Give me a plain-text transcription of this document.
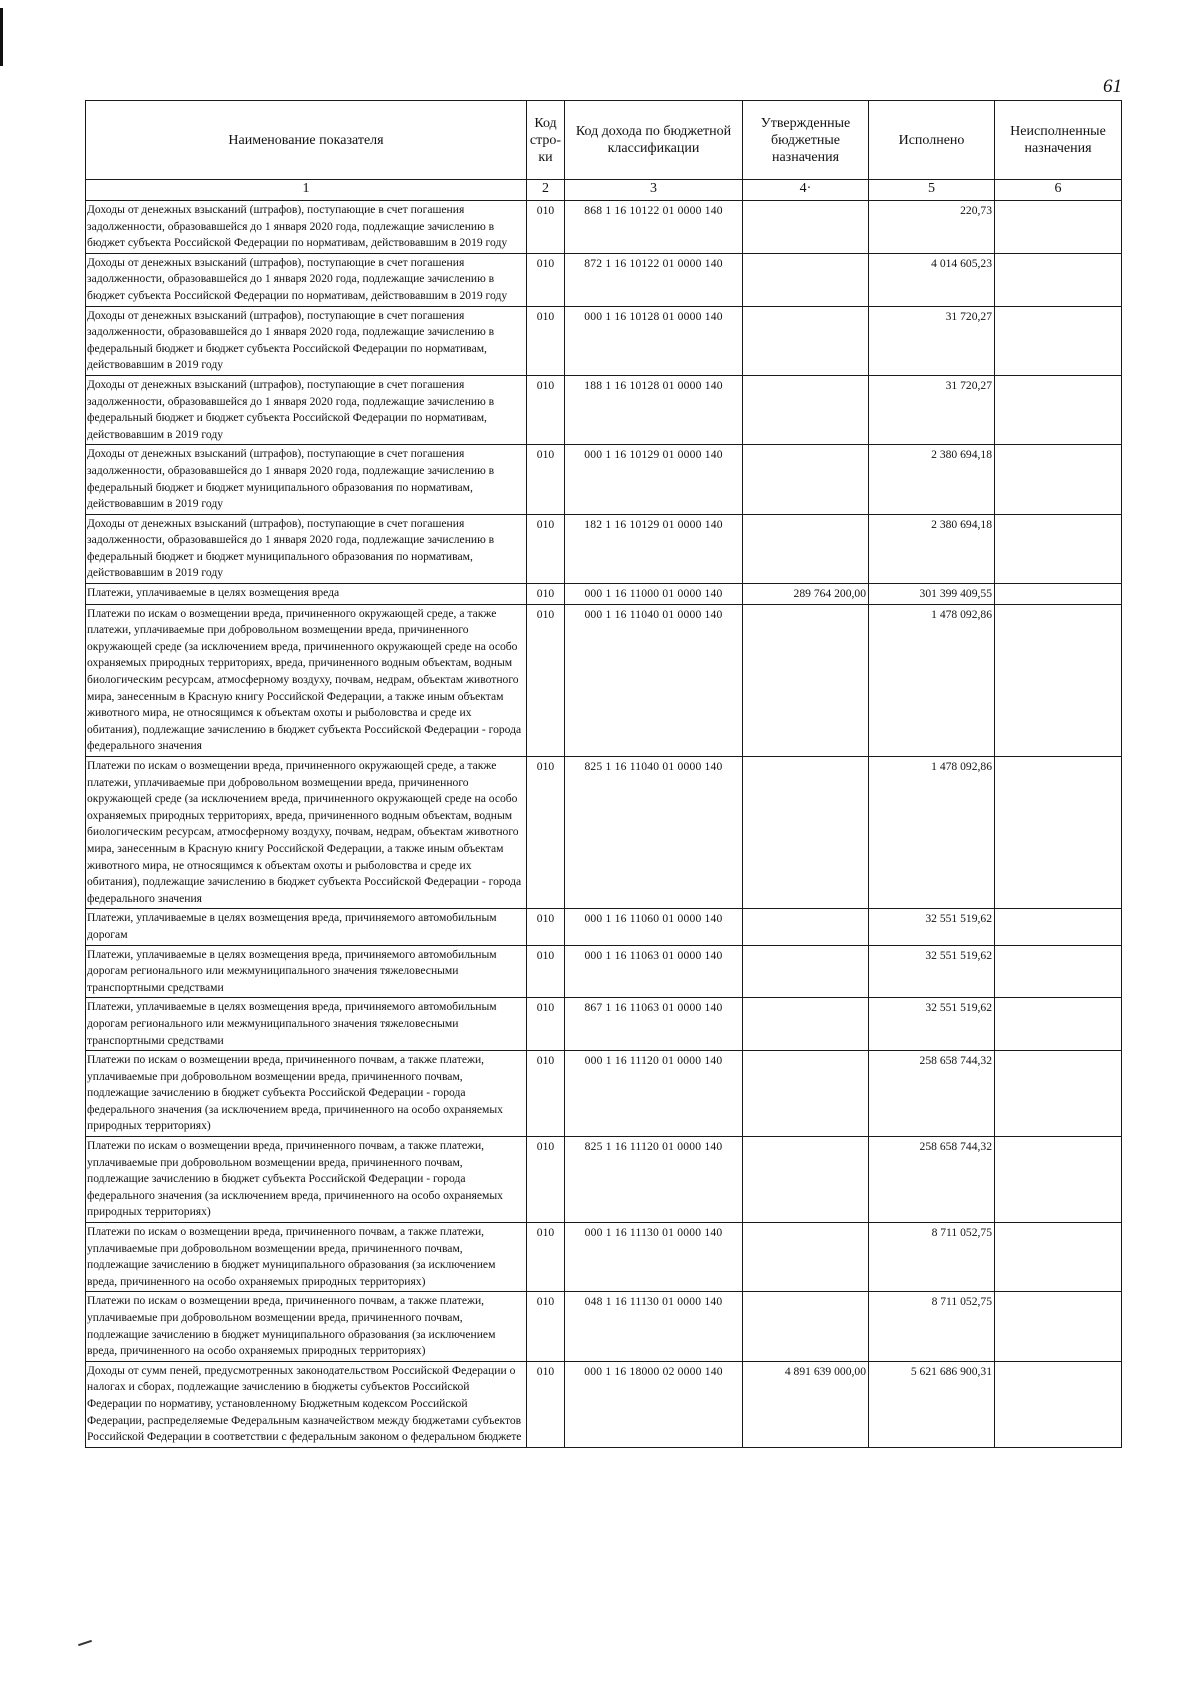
61
Наименование показателя	Код стро-ки	Код дохода по бюджетной классификации	Утвержденные бюджетные назначения	Исполнено	Неисполненные назначения
1	2	3	4·	5	6
Доходы от денежных взысканий (штрафов), поступающие в счет погашения задолженности, образовавшейся до 1 января 2020 года, подлежащие зачислению в бюджет субъекта Российской Федерации по нормативам, действовавшим в 2019 году	010	868 1 16 10122 01 0000 140		220,73	
Доходы от денежных взысканий (штрафов), поступающие в счет погашения задолженности, образовавшейся до 1 января 2020 года, подлежащие зачислению в бюджет субъекта Российской Федерации по нормативам, действовавшим в 2019 году	010	872 1 16 10122 01 0000 140		4 014 605,23	
Доходы от денежных взысканий (штрафов), поступающие в счет погашения задолженности, образовавшейся до 1 января 2020 года, подлежащие зачислению в федеральный бюджет и бюджет субъекта Российской Федерации по нормативам, действовавшим в 2019 году	010	000 1 16 10128 01 0000 140		31 720,27	
Доходы от денежных взысканий (штрафов), поступающие в счет погашения задолженности, образовавшейся до 1 января 2020 года, подлежащие зачислению в федеральный бюджет и бюджет субъекта Российской Федерации по нормативам, действовавшим в 2019 году	010	188 1 16 10128 01 0000 140		31 720,27	
Доходы от денежных взысканий (штрафов), поступающие в счет погашения задолженности, образовавшейся до 1 января 2020 года, подлежащие зачислению в федеральный бюджет и бюджет муниципального образования по нормативам, действовавшим в 2019 году	010	000 1 16 10129 01 0000 140		2 380 694,18	
Доходы от денежных взысканий (штрафов), поступающие в счет погашения задолженности, образовавшейся до 1 января 2020 года, подлежащие зачислению в федеральный бюджет и бюджет муниципального образования по нормативам, действовавшим в 2019 году	010	182 1 16 10129 01 0000 140		2 380 694,18	
Платежи, уплачиваемые в целях возмещения вреда	010	000 1 16 11000 01 0000 140	289 764 200,00	301 399 409,55	
Платежи по искам о возмещении вреда, причиненного окружающей среде, а также платежи, уплачиваемые при добровольном возмещении вреда, причиненного окружающей среде (за исключением вреда, причиненного окружающей среде на особо охраняемых природных территориях, вреда, причиненного водным объектам, водным биологическим ресурсам, атмосферному воздуху, почвам, недрам, объектам животного мира, занесенным в Красную книгу Российской Федерации, а также иным объектам животного мира, не относящимся к объектам охоты и рыболовства и среде их обитания), подлежащие зачислению в бюджет субъекта Российской Федерации - города федерального значения	010	000 1 16 11040 01 0000 140		1 478 092,86	
Платежи по искам о возмещении вреда, причиненного окружающей среде, а также платежи, уплачиваемые при добровольном возмещении вреда, причиненного окружающей среде (за исключением вреда, причиненного окружающей среде на особо охраняемых природных территориях, вреда, причиненного водным объектам, водным биологическим ресурсам, атмосферному воздуху, почвам, недрам, объектам животного мира, занесенным в Красную книгу Российской Федерации, а также иным объектам животного мира, не относящимся к объектам охоты и рыболовства и среде их обитания), подлежащие зачислению в бюджет субъекта Российской Федерации - города федерального значения	010	825 1 16 11040 01 0000 140		1 478 092,86	
Платежи, уплачиваемые в целях возмещения вреда, причиняемого автомобильным дорогам	010	000 1 16 11060 01 0000 140		32 551 519,62	
Платежи, уплачиваемые в целях возмещения вреда, причиняемого автомобильным дорогам регионального или межмуниципального значения тяжеловесными транспортными средствами	010	000 1 16 11063 01 0000 140		32 551 519,62	
Платежи, уплачиваемые в целях возмещения вреда, причиняемого автомобильным дорогам регионального или межмуниципального значения тяжеловесными транспортными средствами	010	867 1 16 11063 01 0000 140		32 551 519,62	
Платежи по искам о возмещении вреда, причиненного почвам, а также платежи, уплачиваемые при добровольном возмещении вреда, причиненного почвам, подлежащие зачислению в бюджет субъекта Российской Федерации - города федерального значения (за исключением вреда, причиненного на особо охраняемых природных территориях)	010	000 1 16 11120 01 0000 140		258 658 744,32	
Платежи по искам о возмещении вреда, причиненного почвам, а также платежи, уплачиваемые при добровольном возмещении вреда, причиненного почвам, подлежащие зачислению в бюджет субъекта Российской Федерации - города федерального значения (за исключением вреда, причиненного на особо охраняемых природных территориях)	010	825 1 16 11120 01 0000 140		258 658 744,32	
Платежи по искам о возмещении вреда, причиненного почвам, а также платежи, уплачиваемые при добровольном возмещении вреда, причиненного почвам, подлежащие зачислению в бюджет муниципального образования (за исключением вреда, причиненного на особо охраняемых природных территориях)	010	000 1 16 11130 01 0000 140		8 711 052,75	
Платежи по искам о возмещении вреда, причиненного почвам, а также платежи, уплачиваемые при добровольном возмещении вреда, причиненного почвам, подлежащие зачислению в бюджет муниципального образования (за исключением вреда, причиненного на особо охраняемых природных территориях)	010	048 1 16 11130 01 0000 140		8 711 052,75	
Доходы от сумм пеней, предусмотренных законодательством Российской Федерации о налогах и сборах, подлежащие зачислению в бюджеты субъектов Российской Федерации по нормативу, установленному Бюджетным кодексом Российской Федерации, распределяемые Федеральным казначейством между бюджетами субъектов Российской Федерации в соответствии с федеральным законом о федеральном бюджете	010	000 1 16 18000 02 0000 140	4 891 639 000,00	5 621 686 900,31	
